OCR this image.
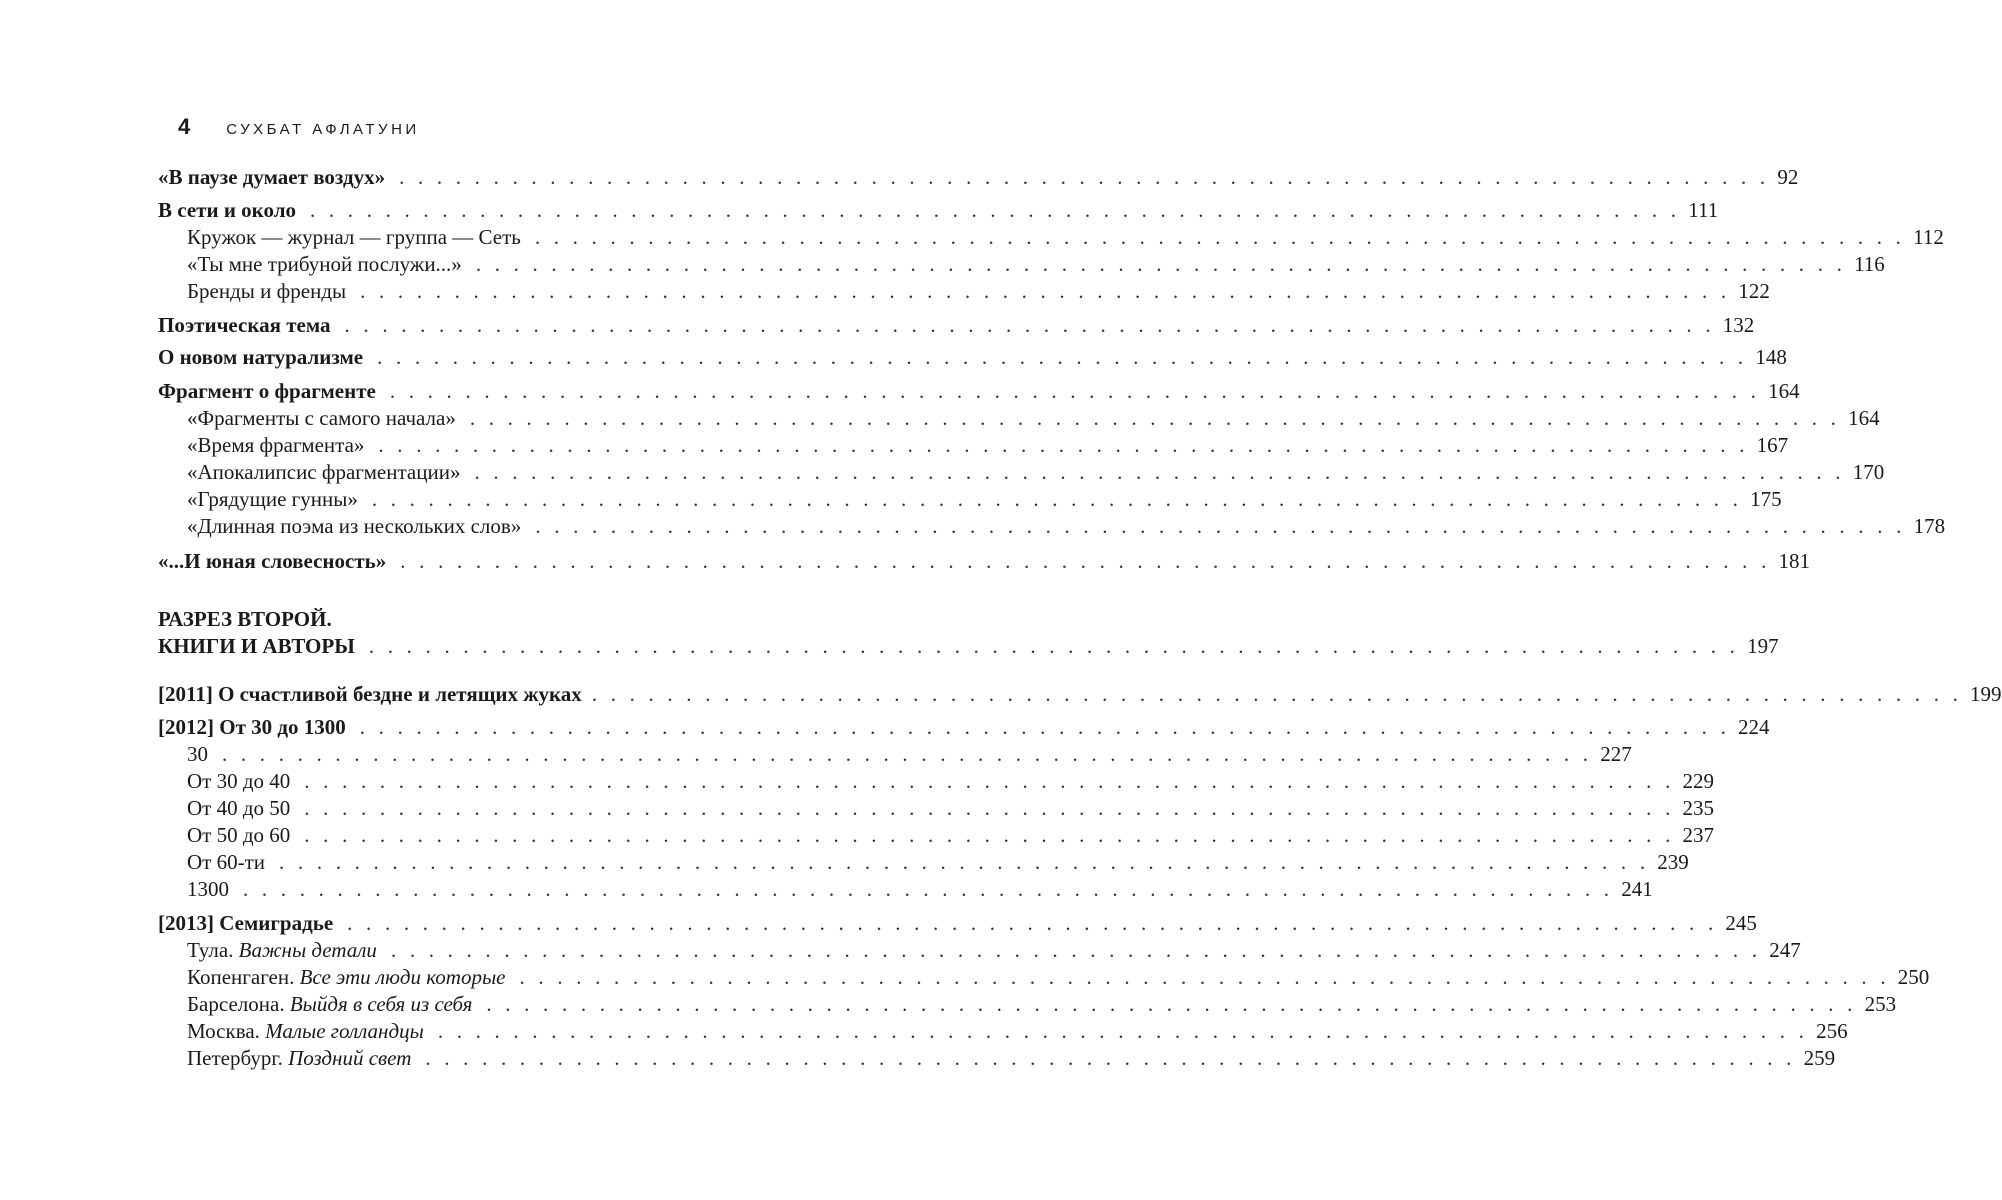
4 СУХБАТ АФЛАТУНИ
«В паузе думает воздух» . . . . . . . . . . . . . . . . . . . . . . . . . . . . . . . . . . . . . . . . . . . . . . . . . . . . . . . . . . . . . . . . . . . . . . . . . 92
В сети и около . . . . . . . . . . . . . . . . . . . . . . . . . . . . . . . . . . . . . . . . . . . . . . . . . . . . . . . . . . . . . . . . . . . . . . . . . 111
Кружок — журнал — группа — Сеть . . . . . . . . . . . . . . . . . . . . . . . . . . . . . . . . . . . . . . . . . . . . . . . . . . . . . . . . . . . . . . . . . . . . . . . . . 112
«Ты мне трибуной послужи...» . . . . . . . . . . . . . . . . . . . . . . . . . . . . . . . . . . . . . . . . . . . . . . . . . . . . . . . . . . . . . . . . . . . . . . . . . 116
Бренды и френды . . . . . . . . . . . . . . . . . . . . . . . . . . . . . . . . . . . . . . . . . . . . . . . . . . . . . . . . . . . . . . . . . . . . . . . . . 122
Поэтическая тема . . . . . . . . . . . . . . . . . . . . . . . . . . . . . . . . . . . . . . . . . . . . . . . . . . . . . . . . . . . . . . . . . . . . . . . . . 132
О новом натурализме . . . . . . . . . . . . . . . . . . . . . . . . . . . . . . . . . . . . . . . . . . . . . . . . . . . . . . . . . . . . . . . . . . . . . . . . . 148
Фрагмент о фрагменте . . . . . . . . . . . . . . . . . . . . . . . . . . . . . . . . . . . . . . . . . . . . . . . . . . . . . . . . . . . . . . . . . . . . . . . . . 164
«Фрагменты с самого начала» . . . . . . . . . . . . . . . . . . . . . . . . . . . . . . . . . . . . . . . . . . . . . . . . . . . . . . . . . . . . . . . . . . . . . . . . . 164
«Время фрагмента» . . . . . . . . . . . . . . . . . . . . . . . . . . . . . . . . . . . . . . . . . . . . . . . . . . . . . . . . . . . . . . . . . . . . . . . . . 167
«Апокалипсис фрагментации» . . . . . . . . . . . . . . . . . . . . . . . . . . . . . . . . . . . . . . . . . . . . . . . . . . . . . . . . . . . . . . . . . . . . . . . . . 170
«Грядущие гунны» . . . . . . . . . . . . . . . . . . . . . . . . . . . . . . . . . . . . . . . . . . . . . . . . . . . . . . . . . . . . . . . . . . . . . . . . . 175
«Длинная поэма из нескольких слов» . . . . . . . . . . . . . . . . . . . . . . . . . . . . . . . . . . . . . . . . . . . . . . . . . . . . . . . . . . . . . . . . . . . . . . . . . 178
«...И юная словесность» . . . . . . . . . . . . . . . . . . . . . . . . . . . . . . . . . . . . . . . . . . . . . . . . . . . . . . . . . . . . . . . . . . . . . . . . . 181
РАЗРЕЗ ВТОРОЙ.
КНИГИ И АВТОРЫ . . . . . . . . . . . . . . . . . . . . . . . . . . . . . . . . . . . . . . . . . . . . . . . . . . . . . . . . . . . . . . . . . . . . . . . . . 197
[2011] О счастливой бездне и летящих жуках . . . . . . . . . . . . . . . . . . . . . . . . . . . . . . . . . . . . . . . . . . . . . . . . . . . . . . . . . . . . . . . . . . . . . . . . . 199
[2012] От 30 до 1300 . . . . . . . . . . . . . . . . . . . . . . . . . . . . . . . . . . . . . . . . . . . . . . . . . . . . . . . . . . . . . . . . . . . . . . . . . 224
30 . . . . . . . . . . . . . . . . . . . . . . . . . . . . . . . . . . . . . . . . . . . . . . . . . . . . . . . . . . . . . . . . . . . . . . . . . 227
От 30 до 40 . . . . . . . . . . . . . . . . . . . . . . . . . . . . . . . . . . . . . . . . . . . . . . . . . . . . . . . . . . . . . . . . . . . . . . . . . 229
От 40 до 50 . . . . . . . . . . . . . . . . . . . . . . . . . . . . . . . . . . . . . . . . . . . . . . . . . . . . . . . . . . . . . . . . . . . . . . . . . 235
От 50 до 60 . . . . . . . . . . . . . . . . . . . . . . . . . . . . . . . . . . . . . . . . . . . . . . . . . . . . . . . . . . . . . . . . . . . . . . . . . 237
От 60-ти . . . . . . . . . . . . . . . . . . . . . . . . . . . . . . . . . . . . . . . . . . . . . . . . . . . . . . . . . . . . . . . . . . . . . . . . . 239
1300 . . . . . . . . . . . . . . . . . . . . . . . . . . . . . . . . . . . . . . . . . . . . . . . . . . . . . . . . . . . . . . . . . . . . . . . . . 241
[2013] Семиградье . . . . . . . . . . . . . . . . . . . . . . . . . . . . . . . . . . . . . . . . . . . . . . . . . . . . . . . . . . . . . . . . . . . . . . . . . 245
Тула. Важны детали . . . . . . . . . . . . . . . . . . . . . . . . . . . . . . . . . . . . . . . . . . . . . . . . . . . . . . . . . . . . . . . . . . . . . . . . . 247
Копенгаген. Все эти люди которые . . . . . . . . . . . . . . . . . . . . . . . . . . . . . . . . . . . . . . . . . . . . . . . . . . . . . . . . . . . . . . . . . . . . . . . . . 250
Барселона. Выйдя в себя из себя . . . . . . . . . . . . . . . . . . . . . . . . . . . . . . . . . . . . . . . . . . . . . . . . . . . . . . . . . . . . . . . . . . . . . . . . . 253
Москва. Малые голландцы . . . . . . . . . . . . . . . . . . . . . . . . . . . . . . . . . . . . . . . . . . . . . . . . . . . . . . . . . . . . . . . . . . . . . . . . . 256
Петербург. Поздний свет . . . . . . . . . . . . . . . . . . . . . . . . . . . . . . . . . . . . . . . . . . . . . . . . . . . . . . . . . . . . . . . . . . . . . . . . . 259
